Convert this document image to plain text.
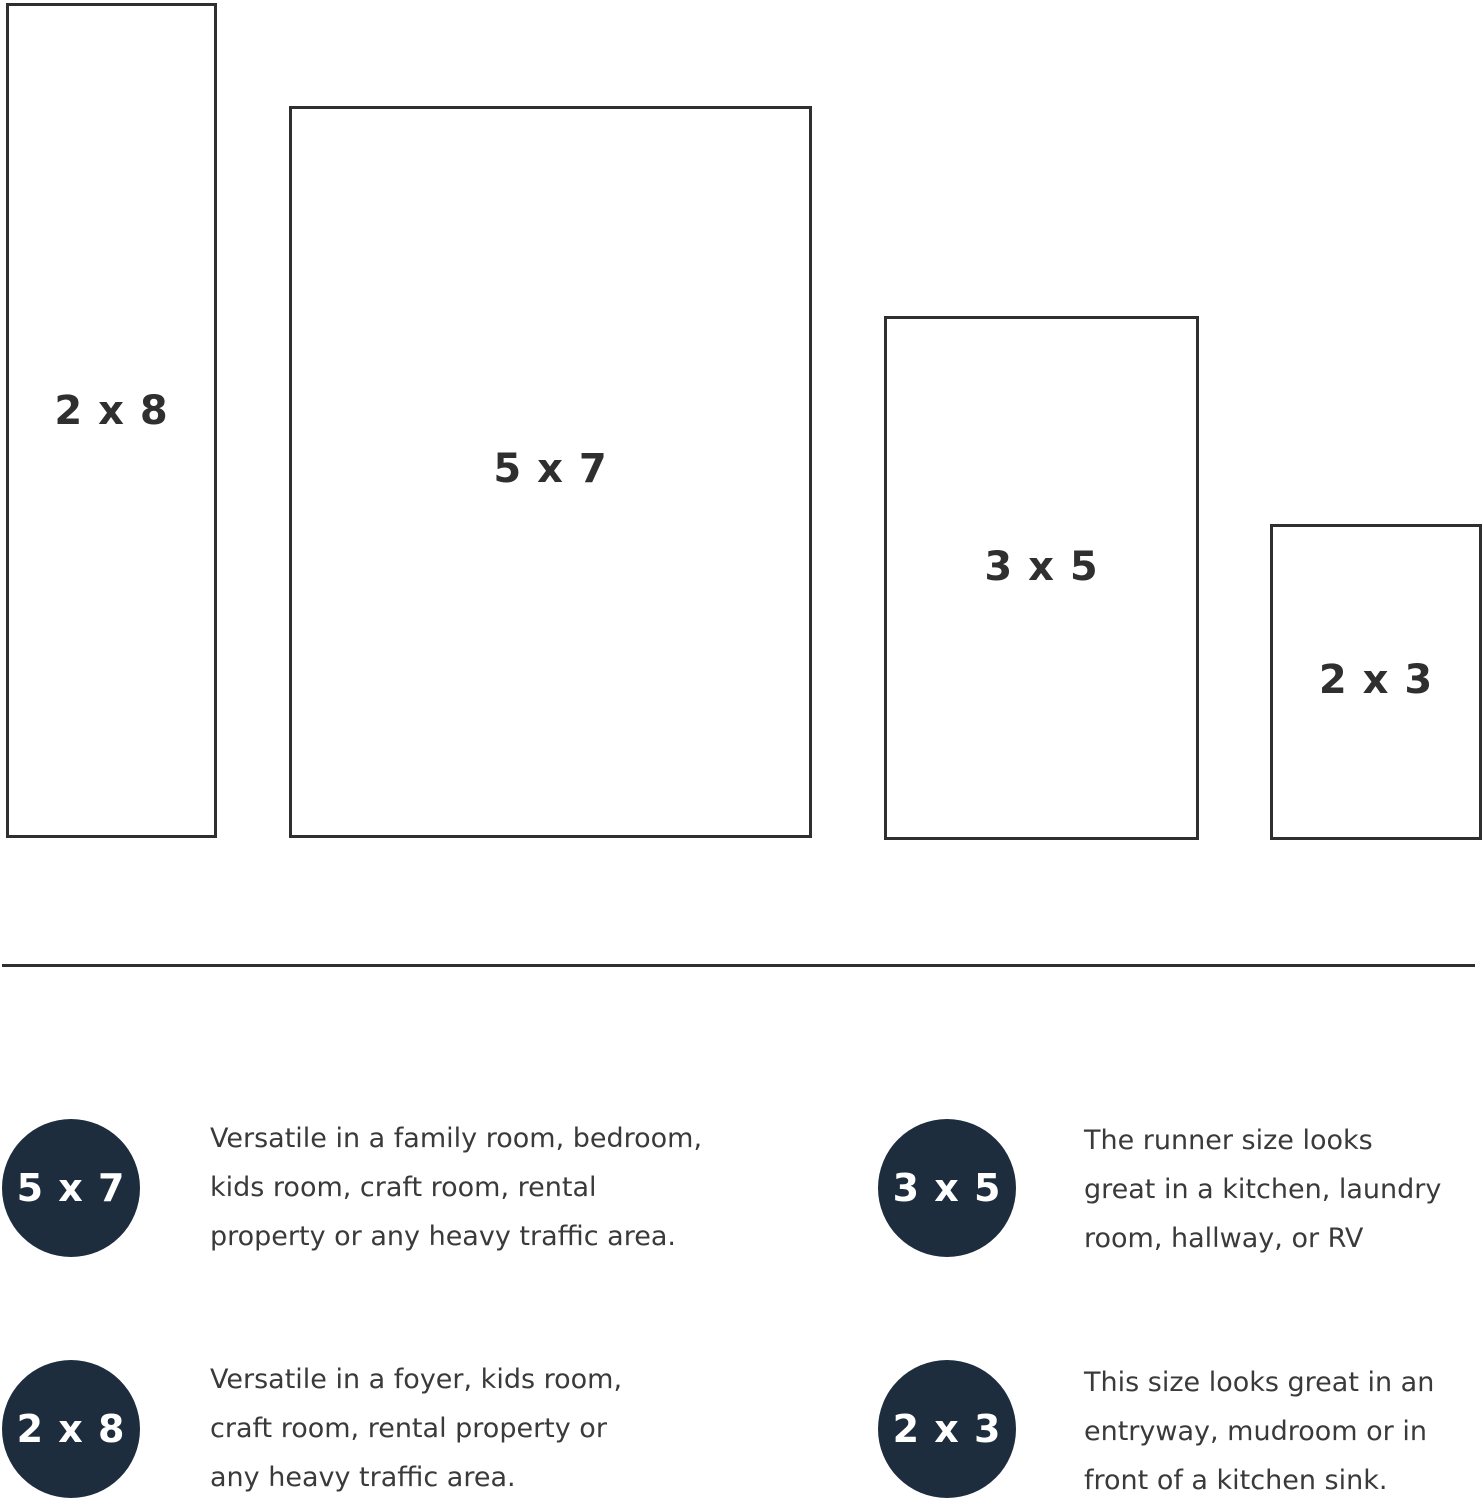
2 x 8
5 x 7
3 x 5
2 x 3
5 x 7
Versatile in a family room, bedroom,
kids room, craft room, rental
property or any heavy traffic area.
3 x 5
The runner size looks
great in a kitchen, laundry
room, hallway, or RV
2 x 8
Versatile in a foyer, kids room,
craft room, rental property or
any heavy traffic area.
2 x 3
This size looks great in an
entryway, mudroom or in
front of a kitchen sink.
